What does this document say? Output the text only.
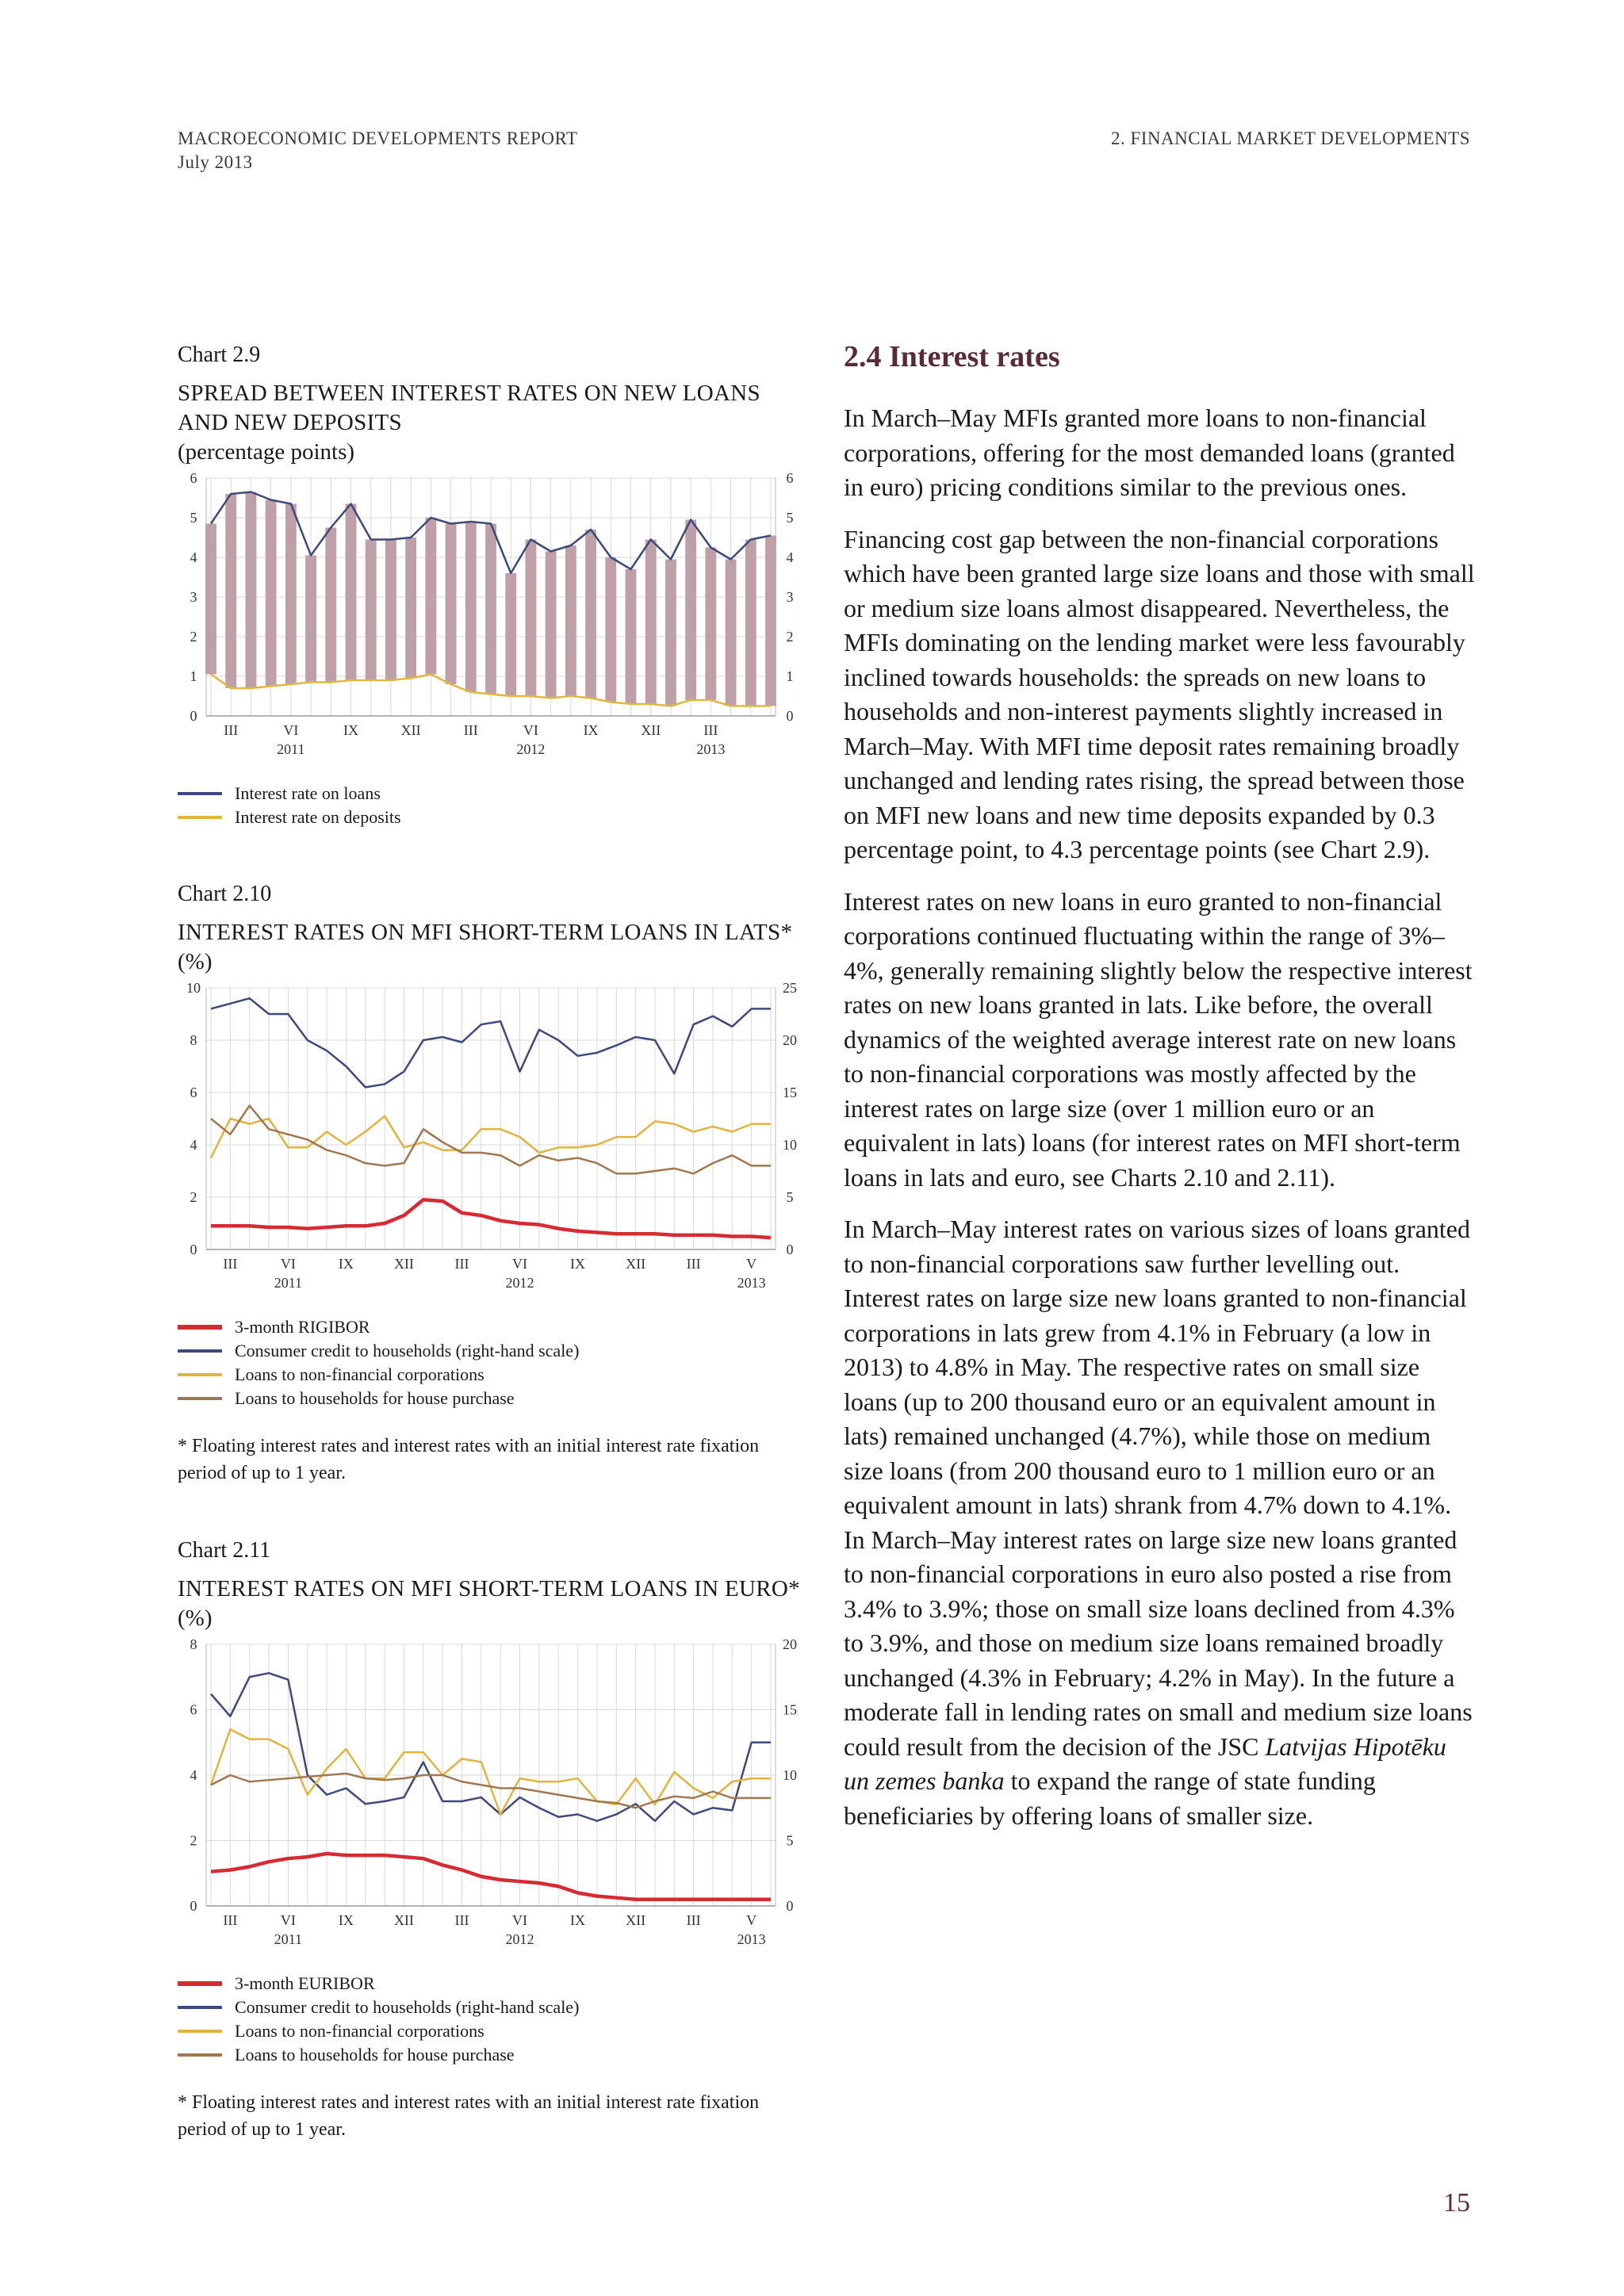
MACROECONOMIC DEVELOPMENTS REPORT
July 2013
2. FINANCIAL MARKET DEVELOPMENTS
Chart 2.9
SPREAD BETWEEN INTEREST RATES ON NEW LOANS AND NEW DEPOSITS
(percentage points)
0
1
2
3
4
5
6
0
1
2
3
4
5
6
III	VI	IX	XII	III	VI	IX	XII	III
2011	2012	2013
Interest rate on loans
Interest rate on deposits
Chart 2.10
INTEREST RATES ON MFI SHORT-TERM LOANS IN LATS*
(%)
0
2
4
6
8
10
0
5
10
15
20
25
III	VI	IX	XII	III	VI	IX	XII	III	V
2011	2012	2013
3-month RIGIBOR
Consumer credit to households (right-hand scale)
Loans to non-financial corporations
Loans to households for house purchase
* Floating interest rates and interest rates with an initial interest rate fixation period of up to 1 year.
Chart 2.11
INTEREST RATES ON MFI SHORT-TERM LOANS IN EURO*
(%)
0
2
4
6
8
0
5
10
15
20
III	VI	IX	XII	III	VI	IX	XII	III	V
2011	2012	2013
3-month EURIBOR
Consumer credit to households (right-hand scale)
Loans to non-financial corporations
Loans to households for house purchase
* Floating interest rates and interest rates with an initial interest rate fixation period of up to 1 year.
2.4 Interest rates

In March–May MFIs granted more loans to non-financial corporations, offering for the most demanded loans (granted in euro) pricing conditions similar to the previous ones.

Financing cost gap between the non-financial corporations which have been granted large size loans and those with small or medium size loans almost disappeared. Nevertheless, the MFIs dominating on the lending market were less favourably inclined towards households: the spreads on new loans to households and non-interest payments slightly increased in March–May. With MFI time deposit rates remaining broadly unchanged and lending rates rising, the spread between those on MFI new loans and new time deposits expanded by 0.3 percentage point, to 4.3 percentage points (see Chart 2.9).

Interest rates on new loans in euro granted to non-financial corporations continued fluctuating within the range of 3%–4%, generally remaining slightly below the respective interest rates on new loans granted in lats. Like before, the overall dynamics of the weighted average interest rate on new loans to non-financial corporations was mostly affected by the interest rates on large size (over 1 million euro or an equivalent in lats) loans (for interest rates on MFI short-term loans in lats and euro, see Charts 2.10 and 2.11).

In March–May interest rates on various sizes of loans granted to non-financial corporations saw further levelling out. Interest rates on large size new loans granted to non-financial corporations in lats grew from 4.1% in February (a low in 2013) to 4.8% in May. The respective rates on small size loans (up to 200 thousand euro or an equivalent amount in lats) remained unchanged (4.7%), while those on medium size loans (from 200 thousand euro to 1 million euro or an equivalent amount in lats) shrank from 4.7% down to 4.1%. In March–May interest rates on large size new loans granted to non-financial corporations in euro also posted a rise from 3.4% to 3.9%; those on small size loans declined from 4.3% to 3.9%, and those on medium size loans remained broadly unchanged (4.3% in February; 4.2% in May). In the future a moderate fall in lending rates on small and medium size loans could result from the decision of the JSC Latvijas Hipotēku un zemes banka to expand the range of state funding beneficiaries by offering loans of smaller size.

15
